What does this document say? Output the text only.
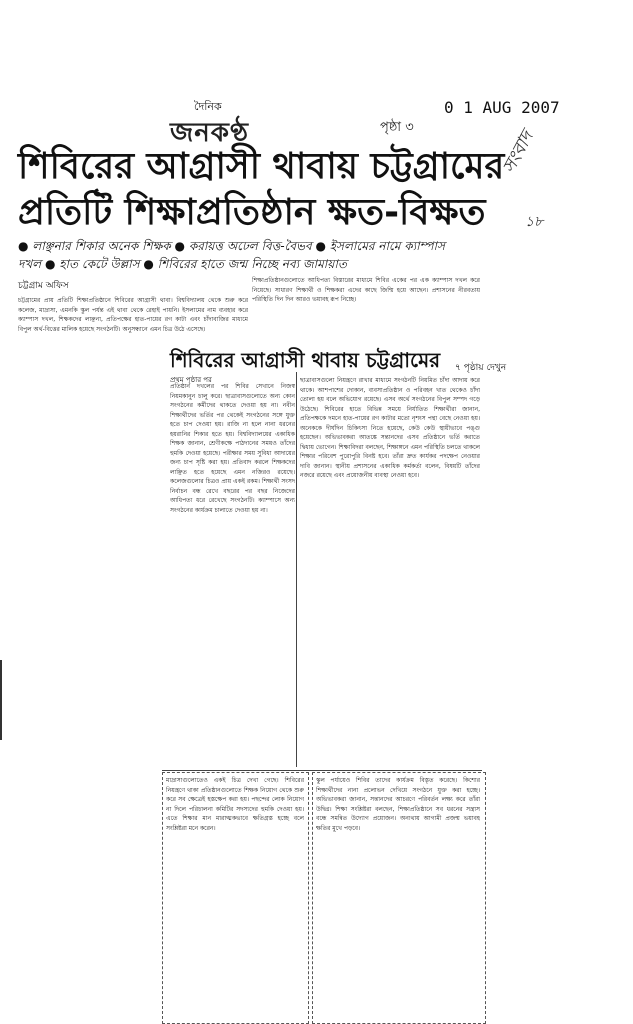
দৈনিক
জনকণ্ঠ
0 1 AUG 2007
পৃষ্ঠা ৩
সংবাদ
১৮
শিবিরের আগ্রাসী থাবায় চট্টগ্রামের
প্রতিটি শিক্ষাপ্রতিষ্ঠান ক্ষত-বিক্ষত
● লাঞ্ছনার শিকার অনেক শিক্ষক ● করায়ত্ত অঢেল বিত্ত-বৈভব ● ইসলামের নামে ক্যাম্পাস
দখল ● হাত কেটে উল্লাস ● শিবিরের হাতে জন্ম নিচ্ছে নব্য জামায়াত
চট্টগ্রাম অফিস
চট্টগ্রামের প্রায় প্রতিটি শিক্ষাপ্রতিষ্ঠানে শিবিরের আগ্রাসী থাবা। বিশ্ববিদ্যালয় থেকে শুরু করে কলেজ, মাদ্রাসা, এমনকি স্কুল পর্যন্ত এই থাবা থেকে রেহাই পায়নি। ইসলামের নাম ব্যবহার করে ক্যাম্পাস দখল, শিক্ষকদের লাঞ্ছনা, প্রতিপক্ষের হাত-পায়ের রগ কাটা এবং চাঁদাবাজির মাধ্যমে বিপুল অর্থ-বিত্তের মালিক হয়েছে সংগঠনটি। অনুসন্ধানে এমন চিত্র উঠে এসেছে।
শিক্ষাপ্রতিষ্ঠানগুলোতে আধিপত্য বিস্তারের মাধ্যমে শিবির একের পর এক ক্যাম্পাস দখল করে নিয়েছে। সাধারণ শিক্ষার্থী ও শিক্ষকরা এদের কাছে জিম্মি হয়ে আছেন। প্রশাসনের নীরবতায় পরিস্থিতি দিন দিন আরও ভয়াবহ রূপ নিচ্ছে।
৭ পৃষ্ঠায় দেখুন
শিবিরের আগ্রাসী থাবায় চট্টগ্রামের
প্রথম পৃষ্ঠার পর
প্রতিষ্ঠান দখলের পর শিবির সেখানে নিজস্ব নিয়মকানুন চালু করে। ছাত্রাবাসগুলোতে অন্য কোন সংগঠনের কর্মীদের থাকতে দেওয়া হয় না। নবীন শিক্ষার্থীদের ভর্তির পর থেকেই সংগঠনের সঙ্গে যুক্ত হতে চাপ দেওয়া হয়। রাজি না হলে নানা ধরনের হয়রানির শিকার হতে হয়। বিশ্ববিদ্যালয়ের একাধিক শিক্ষক জানান, শ্রেণীকক্ষে পাঠদানের সময়ও তাঁদের হুমকি দেওয়া হয়েছে। পরীক্ষার সময় সুবিধা আদায়ের জন্য চাপ সৃষ্টি করা হয়। প্রতিবাদ করলে শিক্ষকদের লাঞ্ছিত হতে হয়েছে এমন নজিরও রয়েছে। কলেজগুলোর চিত্রও প্রায় একই রকম। শিক্ষার্থী সংসদ নির্বাচন বন্ধ রেখে বছরের পর বছর নিজেদের আধিপত্য ধরে রেখেছে সংগঠনটি। ক্যাম্পাসে অন্য সংগঠনের কার্যক্রম চালাতে দেওয়া হয় না।
ছাত্রাবাসগুলো নিয়ন্ত্রণে রাখার মাধ্যমে সংগঠনটি নিয়মিত চাঁদা আদায় করে থাকে। আশপাশের দোকান, ব্যবসাপ্রতিষ্ঠান ও পরিবহন খাত থেকেও চাঁদা তোলা হয় বলে অভিযোগ রয়েছে। এসব অর্থে সংগঠনের বিপুল সম্পদ গড়ে উঠেছে। শিবিরের হাতে বিভিন্ন সময়ে নির্যাতিত শিক্ষার্থীরা জানান, প্রতিপক্ষকে দমনে হাত-পায়ের রগ কাটার মতো নৃশংস পন্থা বেছে নেওয়া হয়। অনেককে দীর্ঘদিন চিকিৎসা নিতে হয়েছে, কেউ কেউ স্থায়ীভাবে পঙ্গু হয়েছেন। অভিভাবকরা আতঙ্কে সন্তানদের এসব প্রতিষ্ঠানে ভর্তি করাতে দ্বিধায় ভোগেন। শিক্ষাবিদরা বলছেন, শিক্ষাঙ্গনে এমন পরিস্থিতি চলতে থাকলে শিক্ষার পরিবেশ পুরোপুরি বিনষ্ট হবে। তাঁরা দ্রুত কার্যকর পদক্ষেপ নেওয়ার দাবি জানান। স্থানীয় প্রশাসনের একাধিক কর্মকর্তা বলেন, বিষয়টি তাঁদের নজরে রয়েছে এবং প্রয়োজনীয় ব্যবস্থা নেওয়া হবে।
মাদ্রাসাগুলোতেও একই চিত্র দেখা গেছে। শিবিরের নিয়ন্ত্রণে থাকা প্রতিষ্ঠানগুলোতে শিক্ষক নিয়োগ থেকে শুরু করে সব ক্ষেত্রেই হস্তক্ষেপ করা হয়। পছন্দের লোক নিয়োগ না দিলে পরিচালনা কমিটির সদস্যদের হুমকি দেওয়া হয়। এতে শিক্ষার মান মারাত্মকভাবে ক্ষতিগ্রস্ত হচ্ছে বলে সংশ্লিষ্টরা মনে করেন।
স্কুল পর্যায়েও শিবির তাদের কার্যক্রম বিস্তৃত করেছে। কিশোর শিক্ষার্থীদের নানা প্রলোভন দেখিয়ে সংগঠনে যুক্ত করা হচ্ছে। অভিভাবকরা জানান, সন্তানদের আচরণে পরিবর্তন লক্ষ্য করে তাঁরা উদ্বিগ্ন। শিক্ষা সংশ্লিষ্টরা বলছেন, শিক্ষাপ্রতিষ্ঠানে সব ধরনের সন্ত্রাস বন্ধে সমন্বিত উদ্যোগ প্রয়োজন। অন্যথায় আগামী প্রজন্ম ভয়াবহ ক্ষতির মুখে পড়বে।
